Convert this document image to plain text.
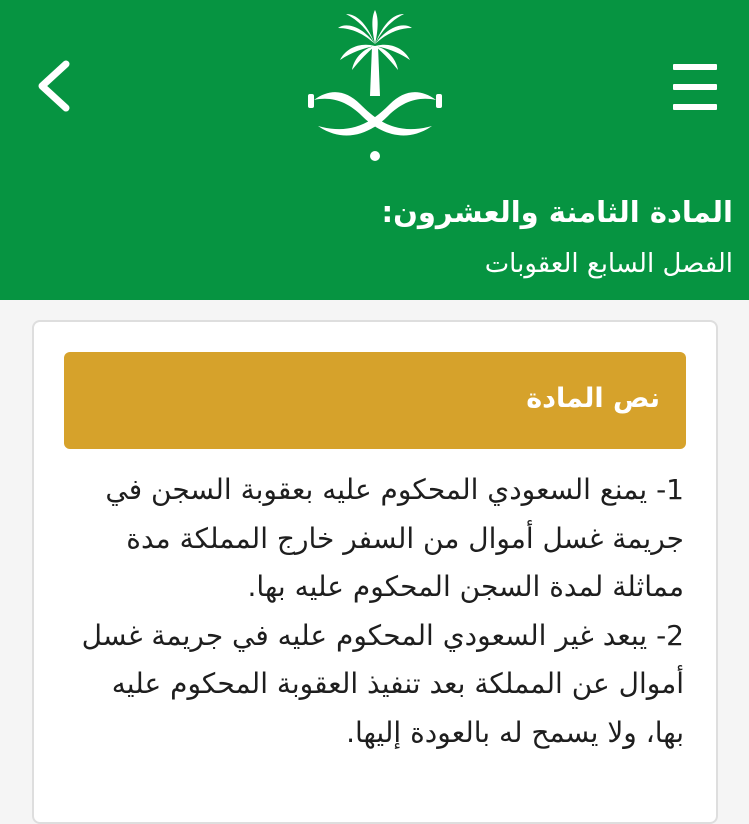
المادة الثامنة والعشرون:
الفصل السابع العقوبات
نص المادة

1- يمنع السعودي المحكوم عليه بعقوبة السجن في جريمة غسل أموال من السفر خارج المملكة مدة مماثلة لمدة السجن المحكوم عليه بها.

2- يبعد غير السعودي المحكوم عليه في جريمة غسل أموال عن المملكة بعد تنفيذ العقوبة المحكوم عليه بها، ولا يسمح له بالعودة إليها.
